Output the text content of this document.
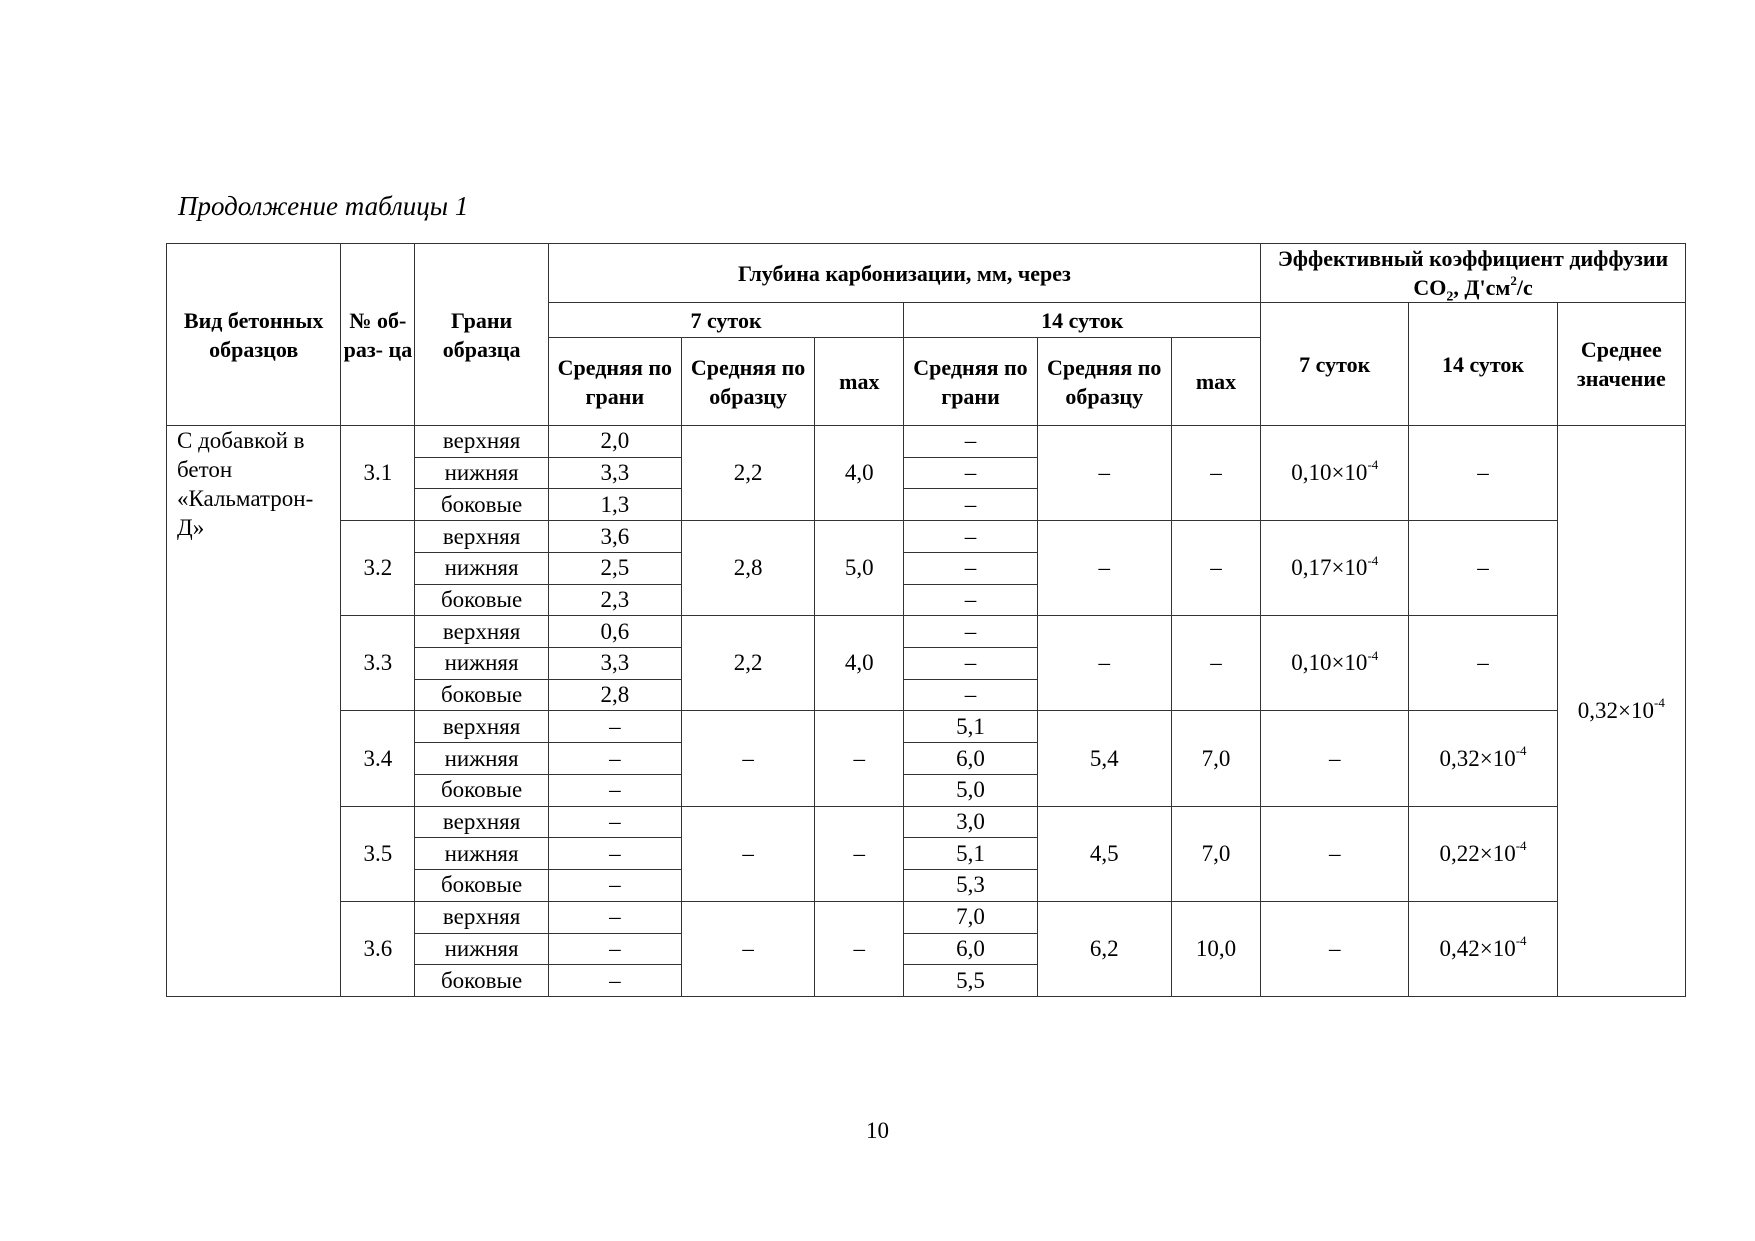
Продолжение таблицы 1
Вид бетонных образцов	№ об- раз- ца	Грани образца	Глубина карбонизации, мм, через						Эффективный коэффициент диффузии $CO_2$, $Д'см^2/с$		
			7 суток			14 суток			7 суток	14 суток	Среднее значение
			Средняя по грани	Средняя по образцу	max	Средняя по грани	Средняя по образцу	max			
С добавкой в бетон «Кальматрон-Д»	3.1	верхняя	2,0	2,2	4,0	–	–	–	$0,10\times 10^{-4}$	–	$0,32\times 10^{-4}$
		нижняя	3,3			–					
		боковые	1,3			–					
	3.2	верхняя	3,6	2,8	5,0	–	–	–	$0,17\times 10^{-4}$	–	
		нижняя	2,5			–					
		боковые	2,3			–					
	3.3	верхняя	0,6	2,2	4,0	–	–	–	$0,10\times 10^{-4}$	–	
		нижняя	3,3			–					
		боковые	2,8			–					
	3.4	верхняя	–	–	–	5,1	5,4	7,0	–	$0,32\times 10^{-4}$
		нижняя	–			6,0					
		боковые	–			5,0					
	3.5	верхняя	–	–	–	3,0	4,5	7,0	–	$0,22\times 10^{-4}$
		нижняя	–			5,1					
		боковые	–			5,3					
	3.6	верхняя	–	–	–	7,0	6,2	10,0	–	$0,42\times 10^{-4}$
		нижняя	–			6,0					
		боковые	–			5,5					

10
